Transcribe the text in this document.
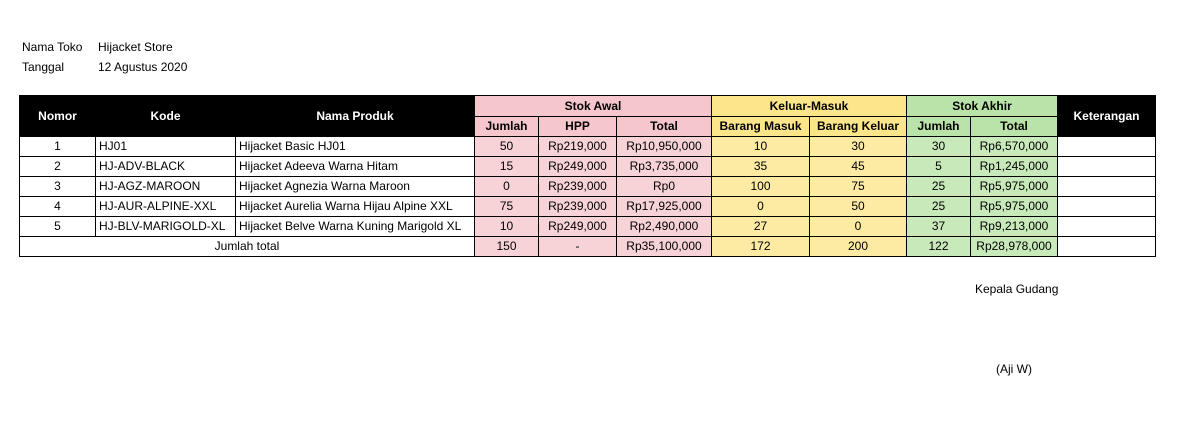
Nama Toko	Hijacket Store
Tanggal	12 Agustus 2020
Nomor	Kode	Nama Produk	Stok Awal			Keluar-Masuk		Stok Akhir		Keterangan
			Jumlah	HPP	Total	Barang Masuk	Barang Keluar	Jumlah	Total	
1	HJ01	Hijacket Basic HJ01	50	Rp219,000	Rp10,950,000	10	30	30	Rp6,570,000	
2	HJ-ADV-BLACK	Hijacket Adeeva Warna Hitam	15	Rp249,000	Rp3,735,000	35	45	5	Rp1,245,000	
3	HJ-AGZ-MAROON	Hijacket Agnezia Warna Maroon	0	Rp239,000	Rp0	100	75	25	Rp5,975,000	
4	HJ-AUR-ALPINE-XXL	Hijacket Aurelia Warna Hijau Alpine XXL	75	Rp239,000	Rp17,925,000	0	50	25	Rp5,975,000	
5	HJ-BLV-MARIGOLD-XL	Hijacket Belve Warna Kuning Marigold XL	10	Rp249,000	Rp2,490,000	27	0	37	Rp9,213,000	
Jumlah total			150	-	Rp35,100,000	172	200	122	Rp28,978,000	
Kepala Gudang
(Aji W)
